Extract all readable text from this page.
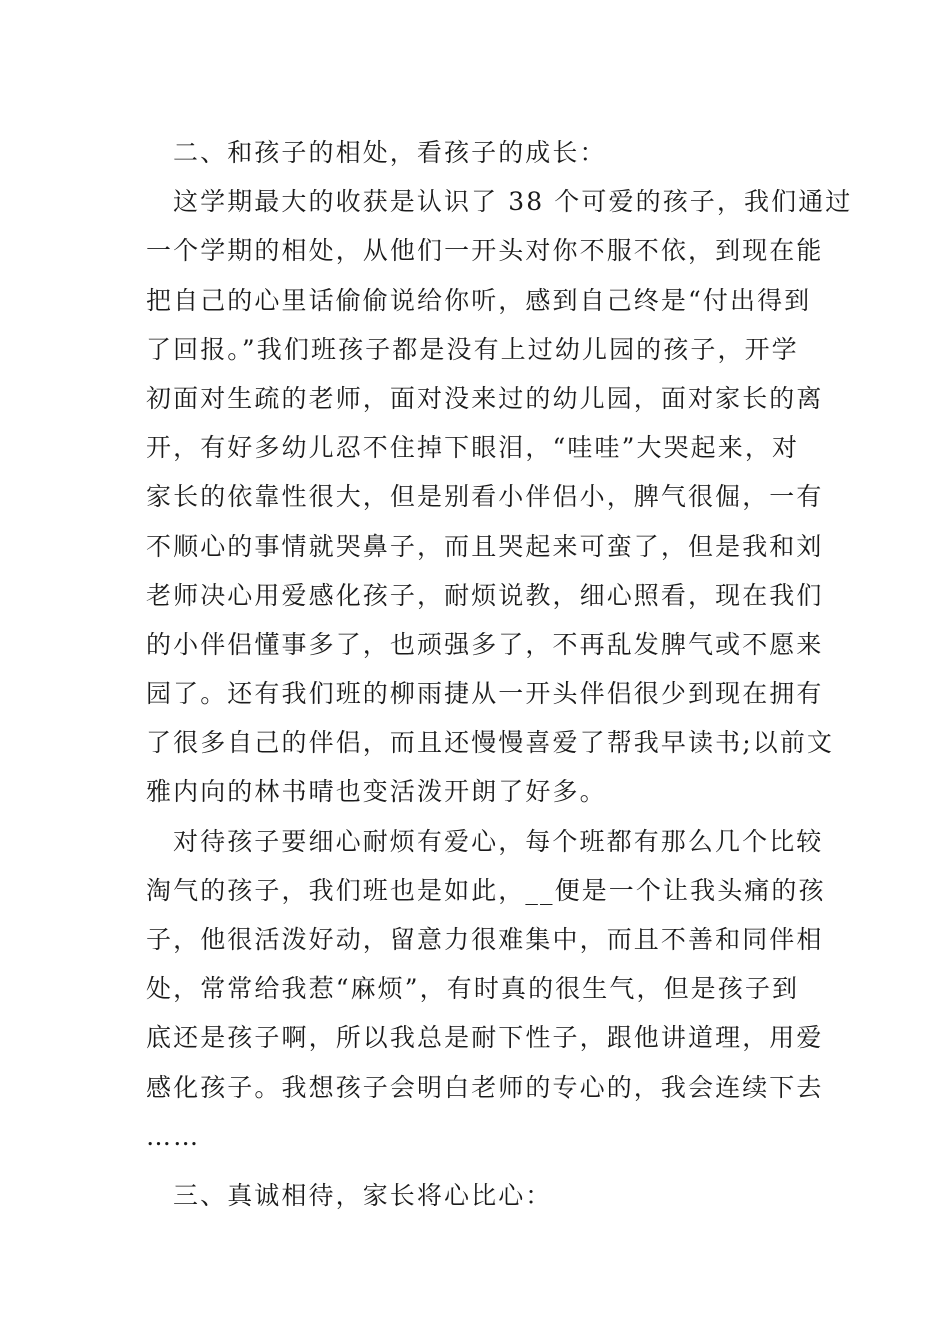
二、和孩子的相处，看孩子的成长：
这学期最大的收获是认识了 38 个可爱的孩子，我们通过
一个学期的相处，从他们一开头对你不服不依，到现在能
把自己的心里话偷偷说给你听，感到自己终是“付出得到
了回报。”我们班孩子都是没有上过幼儿园的孩子，开学
初面对生疏的老师，面对没来过的幼儿园，面对家长的离
开，有好多幼儿忍不住掉下眼泪，“哇哇”大哭起来，对
家长的依靠性很大，但是别看小伴侣小，脾气很倔，一有
不顺心的事情就哭鼻子，而且哭起来可蛮了，但是我和刘
老师决心用爱感化孩子，耐烦说教，细心照看，现在我们
的小伴侣懂事多了，也顽强多了，不再乱发脾气或不愿来
园了。还有我们班的柳雨捷从一开头伴侣很少到现在拥有
了很多自己的伴侣，而且还慢慢喜爱了帮我早读书;以前文
雅内向的林书晴也变活泼开朗了好多。
对待孩子要细心耐烦有爱心，每个班都有那么几个比较
淘气的孩子，我们班也是如此，__便是一个让我头痛的孩
子，他很活泼好动，留意力很难集中，而且不善和同伴相
处，常常给我惹“麻烦”，有时真的很生气，但是孩子到
底还是孩子啊，所以我总是耐下性子，跟他讲道理，用爱
感化孩子。我想孩子会明白老师的专心的，我会连续下去
……
三、真诚相待，家长将心比心：
